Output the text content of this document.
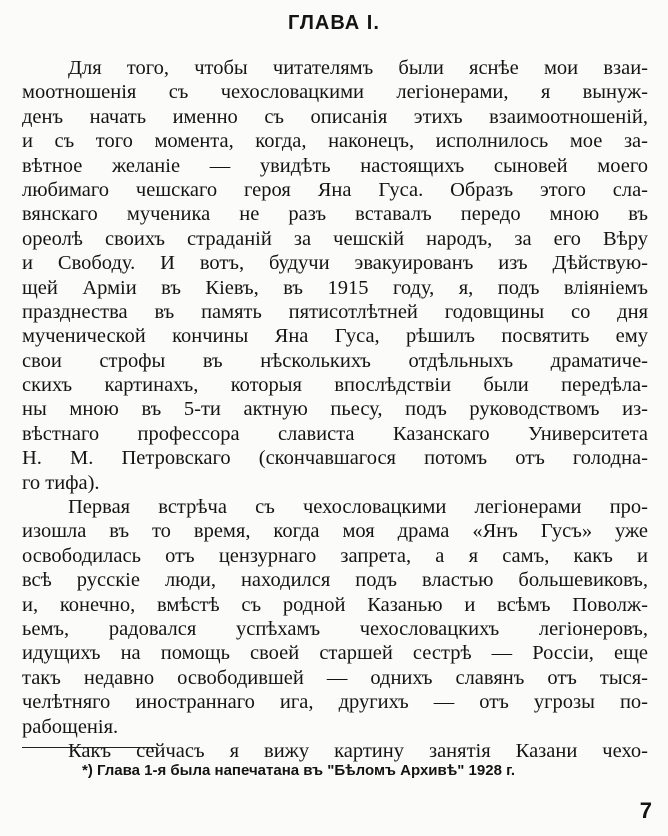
ГЛАВА I.
Для того, чтобы читателямъ были яснѣе мои взаи-
моотношенія съ чехословацкими легіонерами, я вынуж-
денъ начать именно съ описанія этихъ взаимоотношеній,
и съ того момента, когда, наконецъ, исполнилось мое за-
вѣтное желаніе — увидѣть настоящихъ сыновей моего
любимаго чешскаго героя Яна Гуса. Образъ этого сла-
вянскаго мученика не разъ вставалъ передо мною въ
ореолѣ своихъ страданій за чешскій народъ, за его Вѣру
и Свободу. И вотъ, будучи эвакуированъ изъ Дѣйствую-
щей Арміи въ Кіевъ, въ 1915 году, я, подъ вліяніемъ
празднества въ память пятисотлѣтней годовщины со дня
мученической кончины Яна Гуса, рѣшилъ посвятить ему
свои строфы въ нѣсколькихъ отдѣльныхъ драматиче-
скихъ картинахъ, которыя впослѣдствіи были передѣла-
ны мною въ 5-ти актную пьесу, подъ руководствомъ из-
вѣстнаго профессора слависта Казанскаго Университета
Н. М. Петровскаго (скончавшагося потомъ отъ голодна-
го тифа).
Первая встрѣча съ чехословацкими легіонерами про-
изошла въ то время, когда моя драма «Янъ Гусъ» уже
освободилась отъ цензурнаго запрета, а я самъ, какъ и
всѣ русскіе люди, находился подъ властью большевиковъ,
и, конечно, вмѣстѣ съ родной Казанью и всѣмъ Поволж-
ьемъ, радовался успѣхамъ чехословацкихъ легіонеровъ,
идущихъ на помощь своей старшей сестрѣ — Россіи, еще
такъ недавно освободившей — однихъ славянъ отъ тыся-
челѣтняго иностраннаго ига, другихъ — отъ угрозы по-
рабощенія.
Какъ сейчасъ я вижу картину занятія Казани чехо-
*) Глава 1-я была напечатана въ "Бѣломъ Архивѣ" 1928 г.
7
